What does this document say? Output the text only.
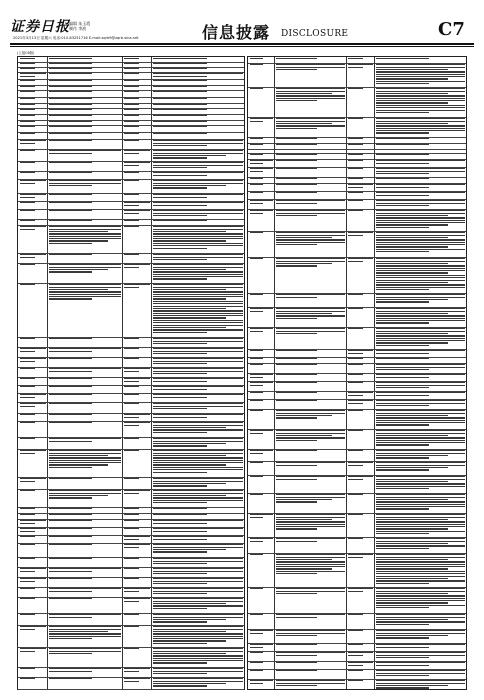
证券日报 编辑 朱玉霞
制作 李波
2021年3月13日 星期六 电话:010-83251716 E-mail:zqrb9@zqrb.sina.net	信息披露 DISCLOSURE	C7
(上接C6版)
